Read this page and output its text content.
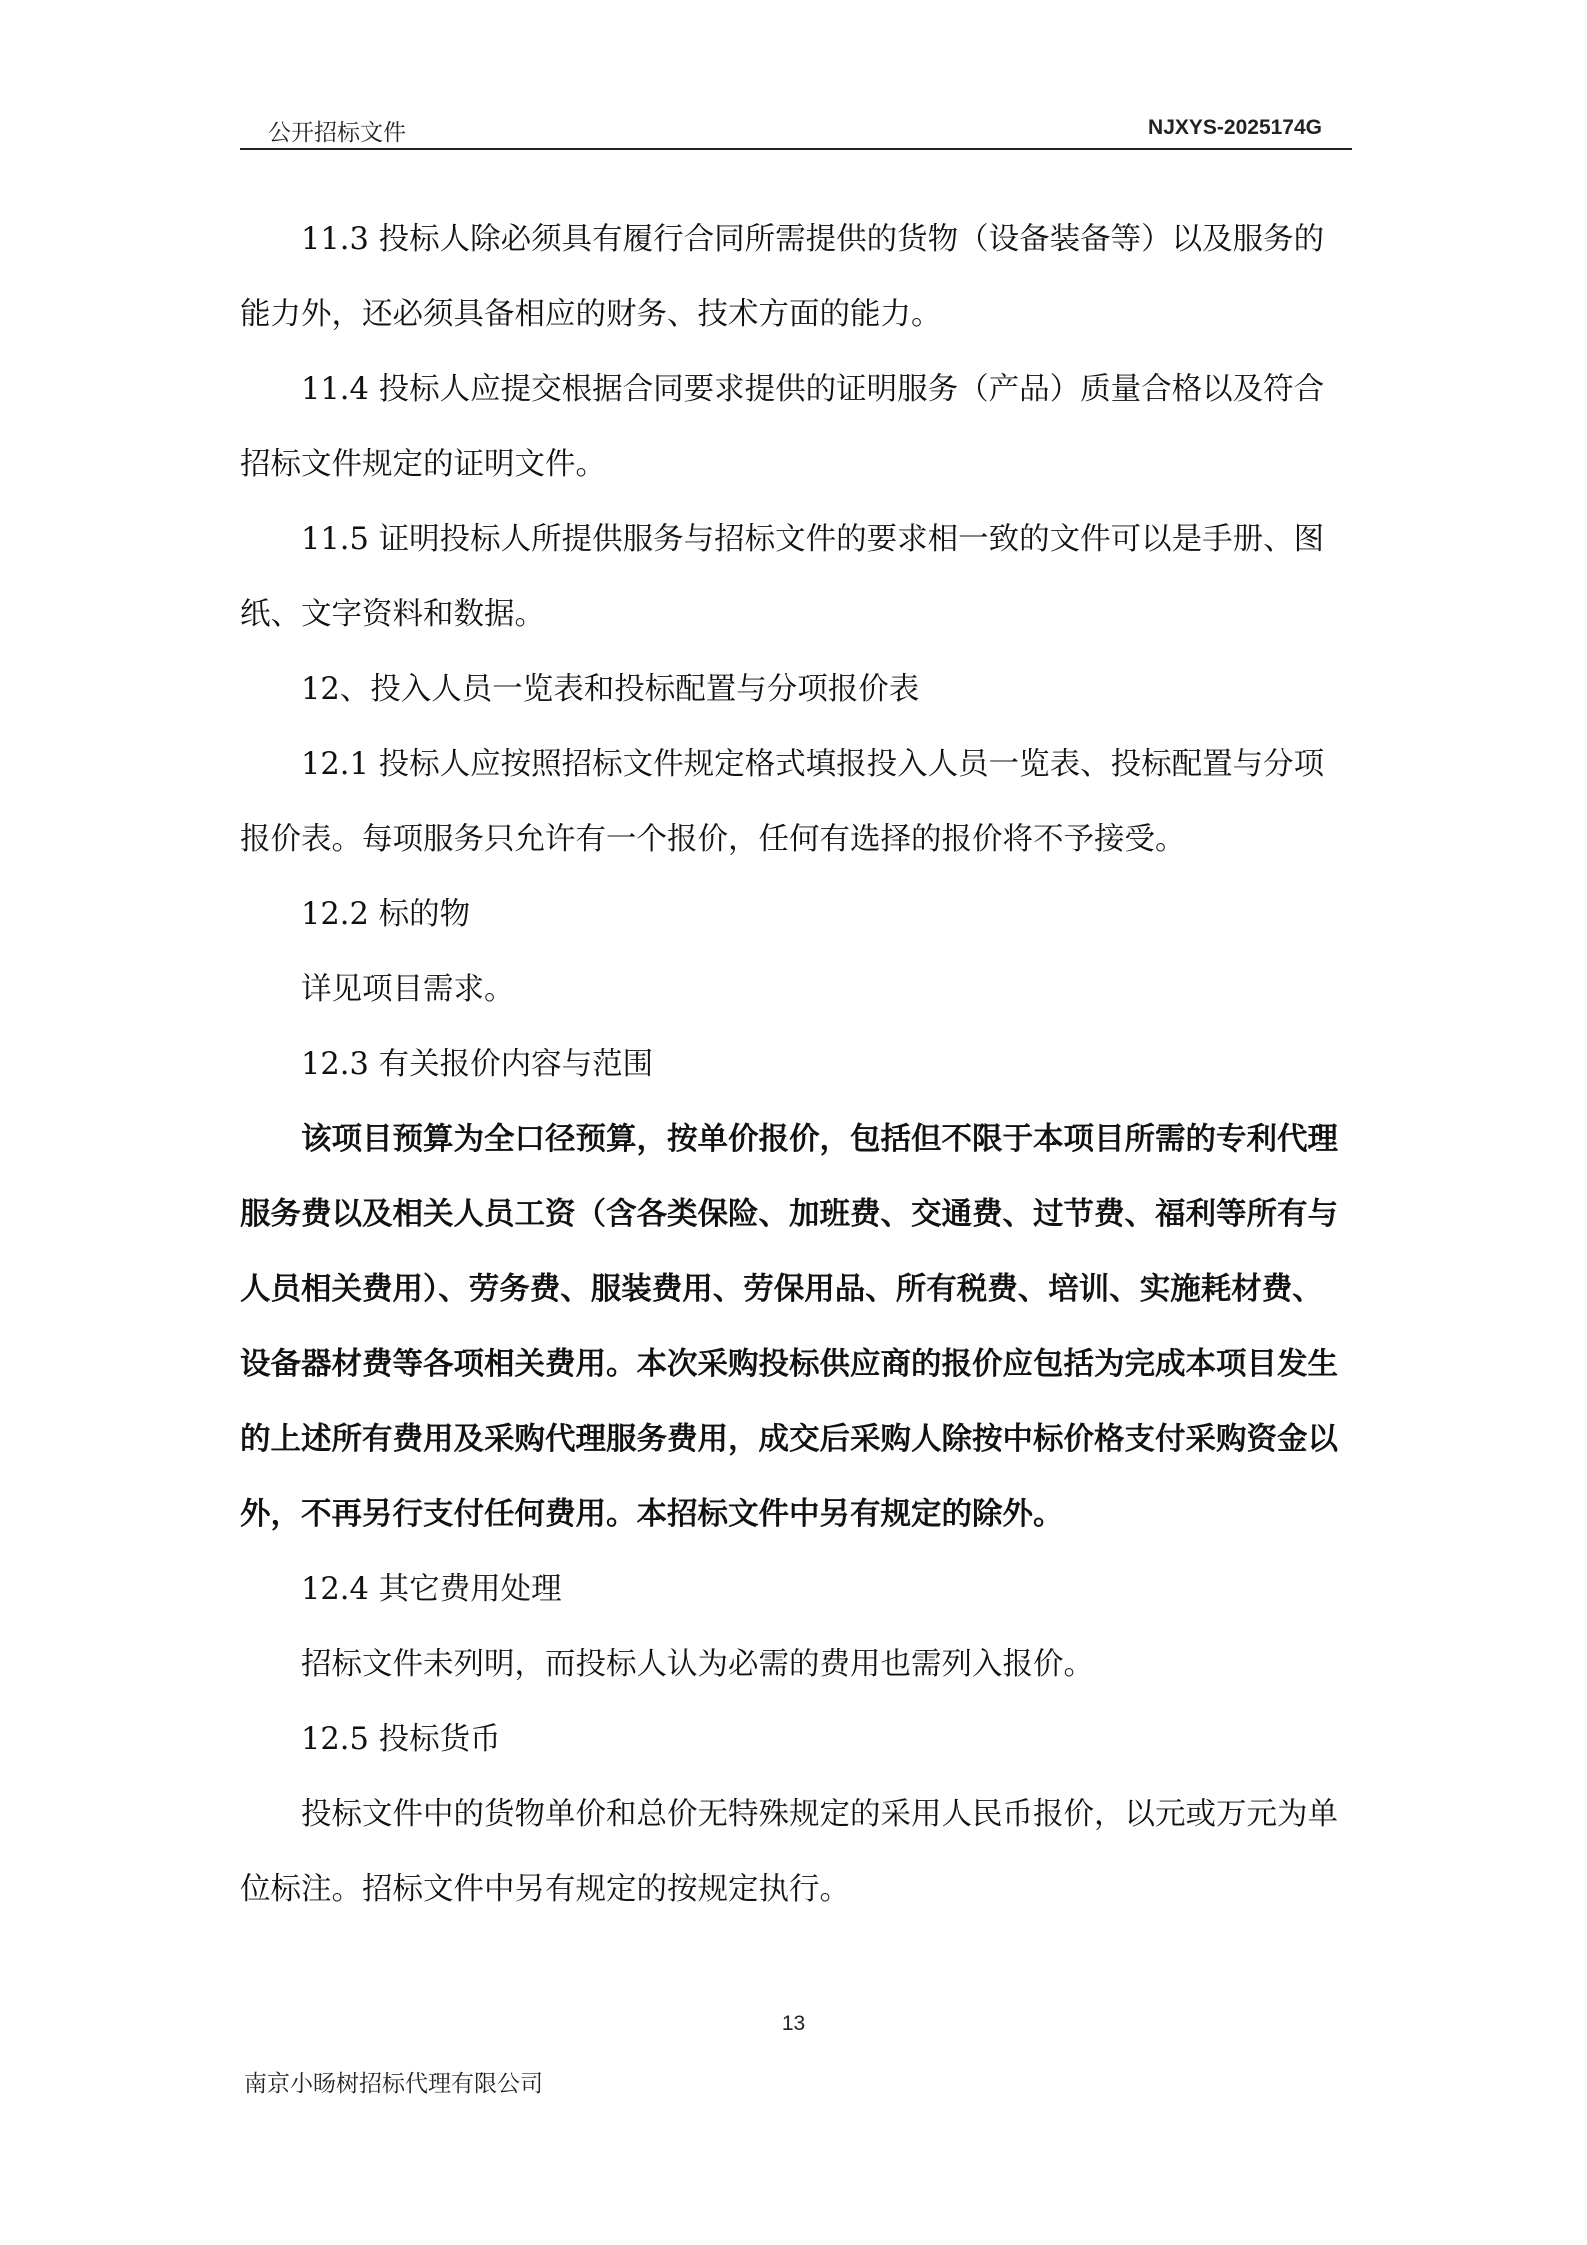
公开招标文件	NJXYS-2025174G

11.3 投标人除必须具有履行合同所需提供的货物（设备装备等）以及服务的能力外，还必须具备相应的财务、技术方面的能力。

11.4 投标人应提交根据合同要求提供的证明服务（产品）质量合格以及符合招标文件规定的证明文件。

11.5 证明投标人所提供服务与招标文件的要求相一致的文件可以是手册、图纸、文字资料和数据。

12、投入人员一览表和投标配置与分项报价表

12.1 投标人应按照招标文件规定格式填报投入人员一览表、投标配置与分项报价表。每项服务只允许有一个报价，任何有选择的报价将不予接受。

12.2 标的物

详见项目需求。

12.3 有关报价内容与范围

该项目预算为全口径预算，按单价报价，包括但不限于本项目所需的专利代理服务费以及相关人员工资（含各类保险、加班费、交通费、过节费、福利等所有与人员相关费用）、劳务费、服装费用、劳保用品、所有税费、培训、实施耗材费、设备器材费等各项相关费用。本次采购投标供应商的报价应包括为完成本项目发生的上述所有费用及采购代理服务费用，成交后采购人除按中标价格支付采购资金以外，不再另行支付任何费用。本招标文件中另有规定的除外。

12.4 其它费用处理

招标文件未列明，而投标人认为必需的费用也需列入报价。

12.5 投标货币

投标文件中的货物单价和总价无特殊规定的采用人民币报价，以元或万元为单位标注。招标文件中另有规定的按规定执行。

13
南京小旸树招标代理有限公司
